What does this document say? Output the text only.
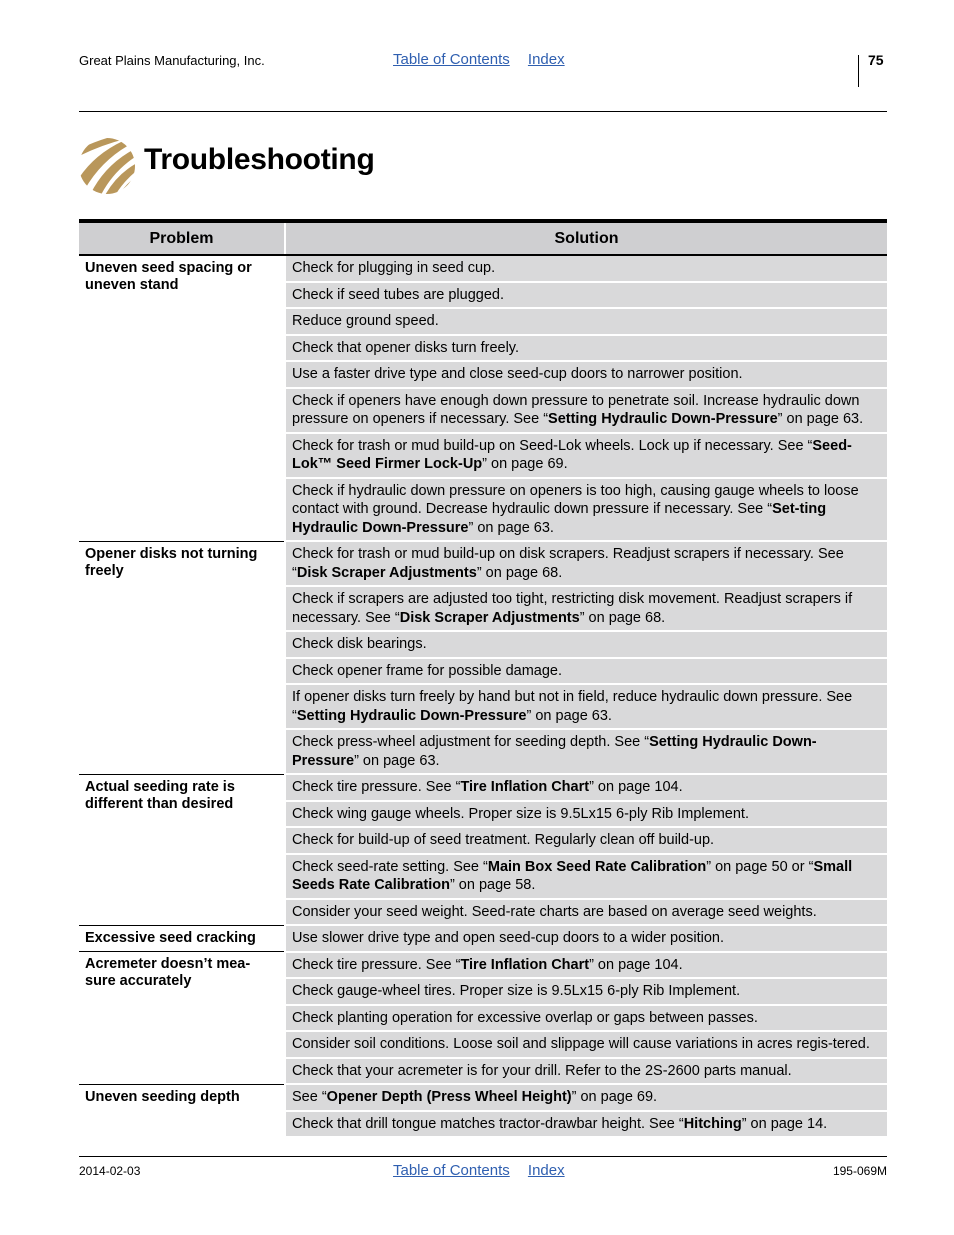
Great Plains Manufacturing, Inc.	Table of Contents Index	75
Troubleshooting
Problem	Solution
Uneven seed spacing or uneven stand	Check for plugging in seed cup.
	Check if seed tubes are plugged.
	Reduce ground speed.
	Check that opener disks turn freely.
	Use a faster drive type and close seed-cup doors to narrower position.
	Check if openers have enough down pressure to penetrate soil. Increase hydraulic down pressure on openers if necessary. See “Setting Hydraulic Down-Pressure” on page 63.
	Check for trash or mud build-up on Seed-Lok wheels. Lock up if necessary. See “Seed-Lok™ Seed Firmer Lock-Up” on page 69.
	Check if hydraulic down pressure on openers is too high, causing gauge wheels to loose contact with ground. Decrease hydraulic down pressure if necessary. See “Set-ting Hydraulic Down-Pressure” on page 63.
Opener disks not turning freely	Check for trash or mud build-up on disk scrapers. Readjust scrapers if necessary. See “Disk Scraper Adjustments” on page 68.
	Check if scrapers are adjusted too tight, restricting disk movement. Readjust scrapers if necessary. See “Disk Scraper Adjustments” on page 68.
	Check disk bearings.
	Check opener frame for possible damage.
	If opener disks turn freely by hand but not in field, reduce hydraulic down pressure. See “Setting Hydraulic Down-Pressure” on page 63.
	Check press-wheel adjustment for seeding depth. See “Setting Hydraulic Down-Pressure” on page 63.
Actual seeding rate is different than desired	Check tire pressure. See “Tire Inflation Chart” on page 104.
	Check wing gauge wheels. Proper size is 9.5Lx15 6-ply Rib Implement.
	Check for build-up of seed treatment. Regularly clean off build-up.
	Check seed-rate setting. See “Main Box Seed Rate Calibration” on page 50 or “Small Seeds Rate Calibration” on page 58.
	Consider your seed weight. Seed-rate charts are based on average seed weights.
Excessive seed cracking	Use slower drive type and open seed-cup doors to a wider position.
Acremeter doesn’t mea-sure accurately	Check tire pressure. See “Tire Inflation Chart” on page 104.
	Check gauge-wheel tires. Proper size is 9.5Lx15 6-ply Rib Implement.
	Check planting operation for excessive overlap or gaps between passes.
	Consider soil conditions. Loose soil and slippage will cause variations in acres regis-tered.
	Check that your acremeter is for your drill. Refer to the 2S-2600 parts manual.
Uneven seeding depth	See “Opener Depth (Press Wheel Height)” on page 69.
	Check that drill tongue matches tractor-drawbar height. See “Hitching” on page 14.
2014-02-03	Table of Contents Index	195-069M
